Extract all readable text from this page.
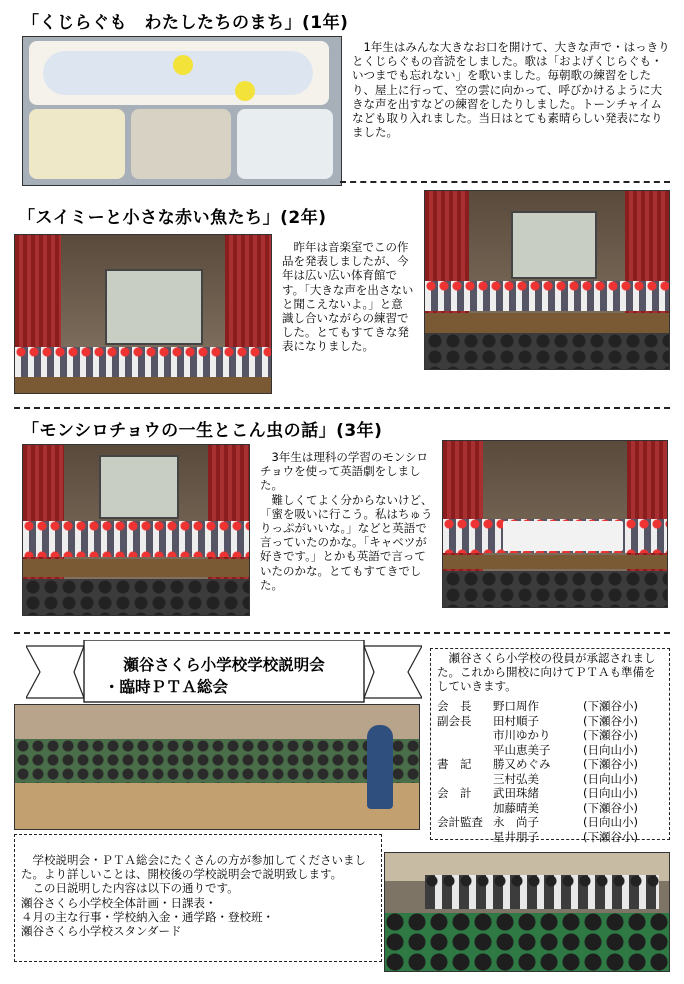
「くじらぐも　わたしたちのまち」(1年)
　1年生はみんな大きなお口を開けて、大きな声で・はっきりとくじらぐもの音読をしました。歌は「およげくじらぐも・いつまでも忘れない」を歌いました。毎朝歌の練習をしたり、屋上に行って、空の雲に向かって、呼びかけるように大きな声を出すなどの練習をしたりしました。トーンチャイムなども取り入れました。当日はとても素晴らしい発表になりました。
「スイミーと小さな赤い魚たち」(2年)
　昨年は音楽室でこの作品を発表しましたが、今年は広い広い体育館です。「大きな声を出さないと聞こえないよ。」と意識し合いながらの練習でした。とてもすてきな発表になりました。
「モンシロチョウの一生とこん虫の話」(3年)
　3年生は理科の学習のモンシロチョウを使って英語劇をしました。
　難しくてよく分からないけど、「蜜を吸いに行こう。私はちゅうりっぷがいいな。」などと英語で言っていたのかな。「キャベツが好きです。」とかも英語で言っていたのかな。とてもすてきでした。
瀬谷さくら小学校学校説明会
・臨時ＰＴＡ総会
　瀬谷さくら小学校の役員が承認されました。これから開校に向けてＰＴＡも準備をしていきます。
会　長	野口周作	(下瀬谷小)
副会長	田村順子	(下瀬谷小)
	市川ゆかり	(下瀬谷小)
	平山恵美子	(日向山小)
書　記	勝又めぐみ	(下瀬谷小)
	三村弘美	(日向山小)
会　計	武田珠緒	(日向山小)
	加藤晴美	(下瀬谷小)
会計監査	永　尚子	(日向山小)
	星井朋子	(下瀬谷小)
　学校説明会・ＰＴＡ総会にたくさんの方が参加してくださいました。より詳しいことは、開校後の学校説明会で説明致します。
　この日説明した内容は以下の通りです。
瀬谷さくら小学校全体計画・日課表・
４月の主な行事・学校納入金・通学路・登校班・
瀬谷さくら小学校スタンダード
